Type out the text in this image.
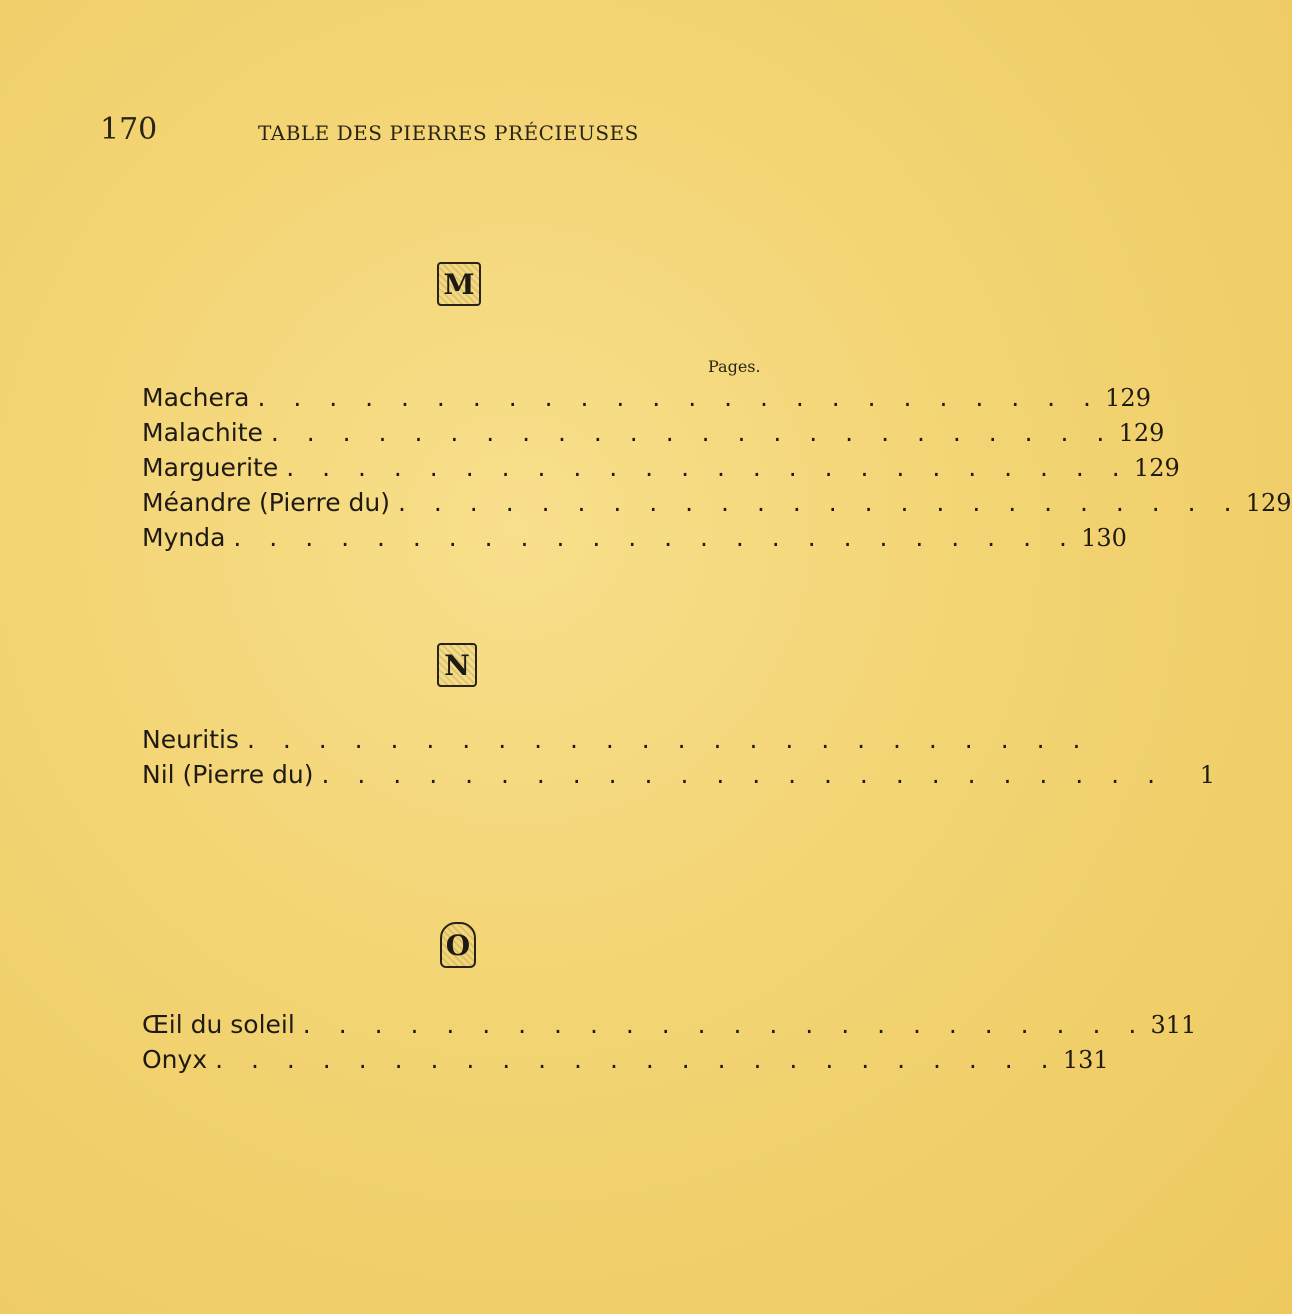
170	TABLE DES PIERRES PRÉCIEUSES
M
Pages.
Machera . . . . . . . . . . . . . . . . . . . . . . . . 129
Malachite . . . . . . . . . . . . . . . . . . . . . . . . 129
Marguerite . . . . . . . . . . . . . . . . . . . . . . . . 129
Méandre (Pierre du) . . . . . . . . . . . . . . . . . . . . . . . . 129
Mynda . . . . . . . . . . . . . . . . . . . . . . . . 130
N
Neuritis . . . . . . . . . . . . . . . . . . . . . . . .
Nil (Pierre du) . . . . . . . . . . . . . . . . . . . . . . . .	1
O
Œil du soleil . . . . . . . . . . . . . . . . . . . . . . . . 311
Onyx . . . . . . . . . . . . . . . . . . . . . . . . 131
